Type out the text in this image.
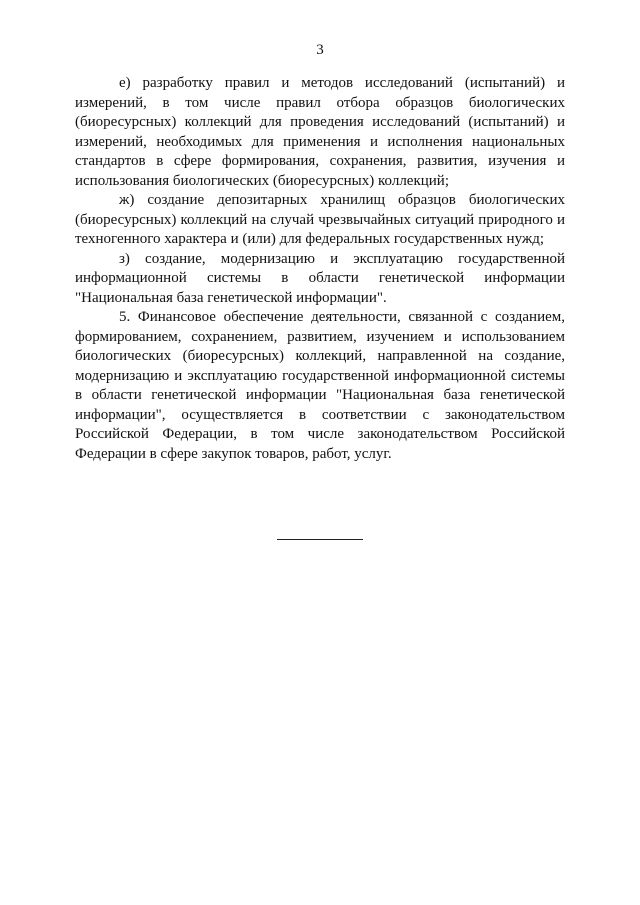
3

е) разработку правил и методов исследований (испытаний) и измерений, в том числе правил отбора образцов биологических (биоресурсных) коллекций для проведения исследований (испытаний) и измерений, необходимых для применения и исполнения национальных стандартов в сфере формирования, сохранения, развития, изучения и использования биологических (биоресурсных) коллекций;

ж) создание депозитарных хранилищ образцов биологических (биоресурсных) коллекций на случай чрезвычайных ситуаций природного и техногенного характера и (или) для федеральных государственных нужд;

з) создание, модернизацию и эксплуатацию государственной информационной системы в области генетической информации "Национальная база генетической информации".

5. Финансовое обеспечение деятельности, связанной с созданием, формированием, сохранением, развитием, изучением и использованием биологических (биоресурсных) коллекций, направленной на создание, модернизацию и эксплуатацию государственной информационной системы в области генетической информации "Национальная база генетической информации", осуществляется в соответствии с законодательством Российской Федерации, в том числе законодательством Российской Федерации в сфере закупок товаров, работ, услуг.
